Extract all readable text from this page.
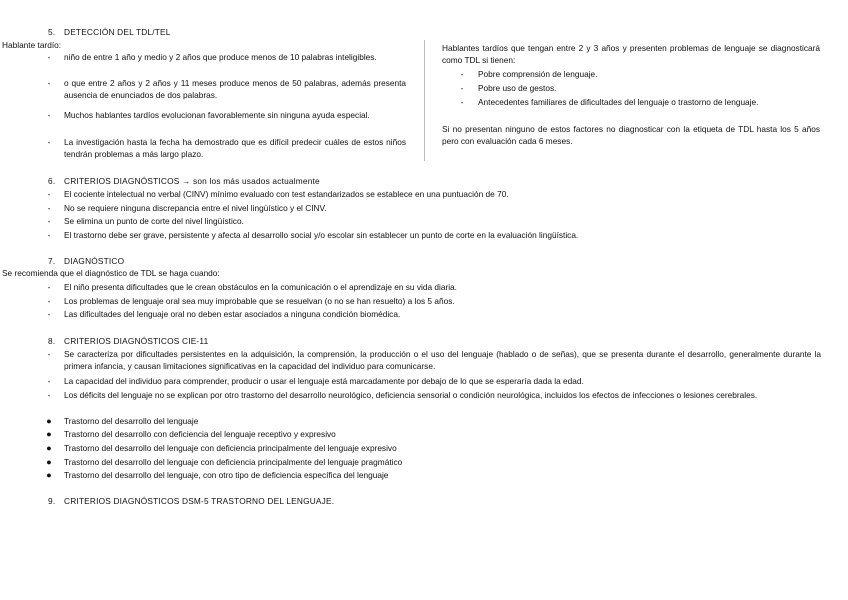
5. DETECCIÓN DEL TDL/TEL
Hablante tardío:
-	niño de entre 1 año y medio y 2 años que produce menos de 10 palabras inteligibles.
-	o que entre 2 años y 2 años y 11 meses produce menos de 50 palabras, además presenta ausencia de enunciados de dos palabras.
-	Muchos hablantes tardíos evolucionan favorablemente sin ninguna ayuda especial.
-	La investigación hasta la fecha ha demostrado que es difícil predecir cuáles de estos niños tendrán problemas a más largo plazo.
Hablantes tardíos que tengan entre 2 y 3 años y presenten problemas de lenguaje se diagnosticará como TDL si tienen:
-	Pobre comprensión de lenguaje.
-	Pobre uso de gestos.
-	Antecedentes familiares de dificultades del lenguaje o trastorno de lenguaje.
Si no presentan ninguno de estos factores no diagnosticar con la etiqueta de TDL hasta los 5 años pero con evaluación cada 6 meses.
6. CRITERIOS DIAGNÓSTICOS → son los más usados actualmente
-	El cociente intelectual no verbal (CINV) mínimo evaluado con test estandarizados se establece en una puntuación de 70.
-	No se requiere ninguna discrepancia entre el nivel lingüístico y el CINV.
-	Se elimina un punto de corte del nivel lingüístico.
-	El trastorno debe ser grave, persistente y afecta al desarrollo social y/o escolar sin establecer un punto de corte en la evaluación lingüística.
7. DIAGNÓSTICO
Se recomienda que el diagnóstico de TDL se haga cuando:
-	El niño presenta dificultades que le crean obstáculos en la comunicación o el aprendizaje en su vida diaria.
-	Los problemas de lenguaje oral sea muy improbable que se resuelvan (o no se han resuelto) a los 5 años.
-	Las dificultades del lenguaje oral no deben estar asociados a ninguna condición biomédica.
8. CRITERIOS DIAGNÓSTICOS CIE-11
-	Se caracteriza por dificultades persistentes en la adquisición, la comprensión, la producción o el uso del lenguaje (hablado o de señas), que se presenta durante el desarrollo, generalmente durante la primera infancia, y causan limitaciones significativas en la capacidad del individuo para comunicarse.
-	La capacidad del individuo para comprender, producir o usar el lenguaje está marcadamente por debajo de lo que se esperaría dada la edad.
-	Los déficits del lenguaje no se explican por otro trastorno del desarrollo neurológico, deficiencia sensorial o condición neurológica, incluidos los efectos de infecciones o lesiones cerebrales.
● Trastorno del desarrollo del lenguaje
● Trastorno del desarrollo con deficiencia del lenguaje receptivo y expresivo
● Trastorno del desarrollo del lenguaje con deficiencia principalmente del lenguaje expresivo
● Trastorno del desarrollo del lenguaje con deficiencia principalmente del lenguaje pragmático
● Trastorno del desarrollo del lenguaje, con otro tipo de deficiencia específica del lenguaje
9. CRITERIOS DIAGNÓSTICOS DSM-5 TRASTORNO DEL LENGUAJE.
